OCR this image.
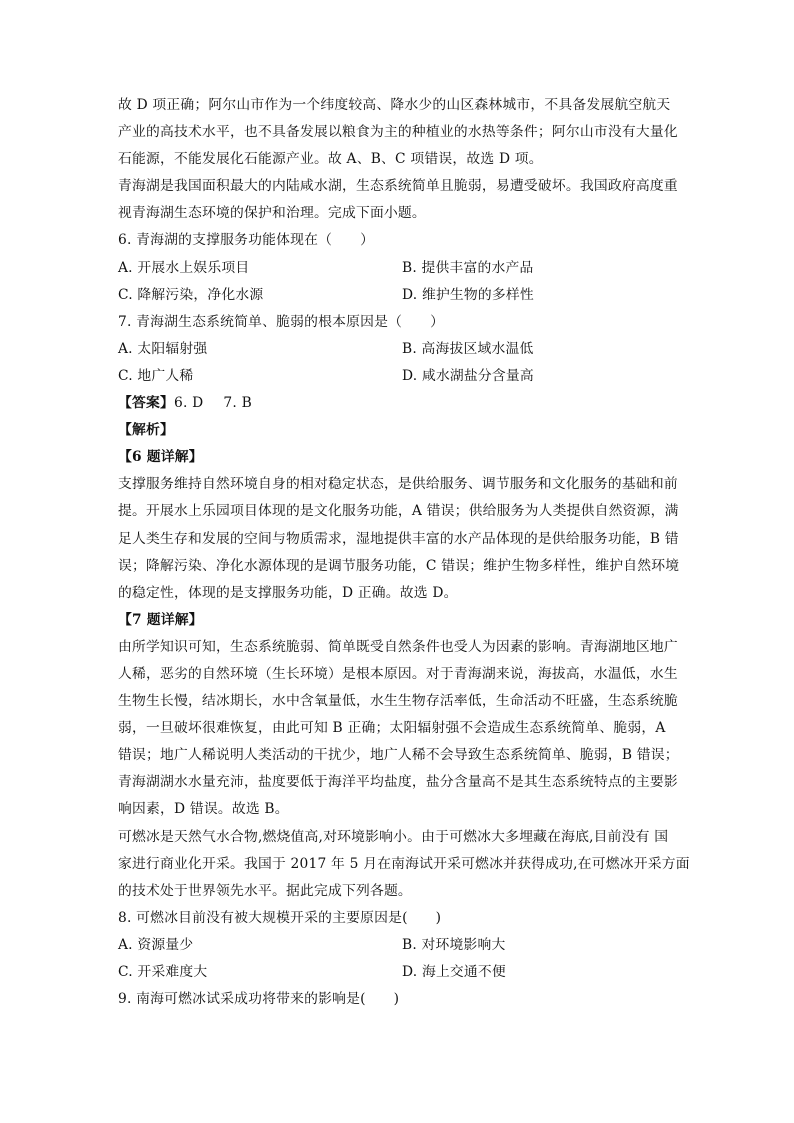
故 D 项正确；阿尔山市作为一个纬度较高、降水少的山区森林城市，不具备发展航空航天
产业的高技术水平，也不具备发展以粮食为主的种植业的水热等条件；阿尔山市没有大量化
石能源，不能发展化石能源产业。故 A、B、C 项错误，故选 D 项。
青海湖是我国面积最大的内陆咸水湖，生态系统简单且脆弱，易遭受破坏。我国政府高度重
视青海湖生态环境的保护和治理。完成下面小题。
6. 青海湖的支撑服务功能体现在（　　）
A. 开展水上娱乐项目	B. 提供丰富的水产品
C. 降解污染，净化水源	D. 维护生物的多样性
7. 青海湖生态系统简单、脆弱的根本原因是（　　）
A. 太阳辐射强	B. 高海拔区域水温低
C. 地广人稀	D. 咸水湖盐分含量高
【答案】6. D 7. B
【解析】
【6 题详解】
支撑服务维持自然环境自身的相对稳定状态，是供给服务、调节服务和文化服务的基础和前
提。开展水上乐园项目体现的是文化服务功能，A 错误；供给服务为人类提供自然资源，满
足人类生存和发展的空间与物质需求，湿地提供丰富的水产品体现的是供给服务功能，B 错
误；降解污染、净化水源体现的是调节服务功能，C 错误；维护生物多样性，维护自然环境
的稳定性，体现的是支撑服务功能，D 正确。故选 D。
【7 题详解】
由所学知识可知，生态系统脆弱、简单既受自然条件也受人为因素的影响。青海湖地区地广
人稀，恶劣的自然环境（生长环境）是根本原因。对于青海湖来说，海拔高，水温低，水生
生物生长慢，结冰期长，水中含氧量低，水生生物存活率低，生命活动不旺盛，生态系统脆
弱，一旦破坏很难恢复，由此可知 B 正确；太阳辐射强不会造成生态系统简单、脆弱，A
错误；地广人稀说明人类活动的干扰少，地广人稀不会导致生态系统简单、脆弱，B 错误；
青海湖湖水水量充沛，盐度要低于海洋平均盐度，盐分含量高不是其生态系统特点的主要影
响因素，D 错误。故选 B。
可燃冰是天然气水合物,燃烧值高,对环境影响小。由于可燃冰大多埋藏在海底,目前没有 国
家进行商业化开采。我国于 2017 年 5 月在南海试开采可燃冰并获得成功,在可燃冰开采方面
的技术处于世界领先水平。据此完成下列各题。
8. 可燃冰目前没有被大规模开采的主要原因是(　　)
A. 资源量少	B. 对环境影响大
C. 开采难度大	D. 海上交通不便
9. 南海可燃冰试采成功将带来的影响是(　　)
